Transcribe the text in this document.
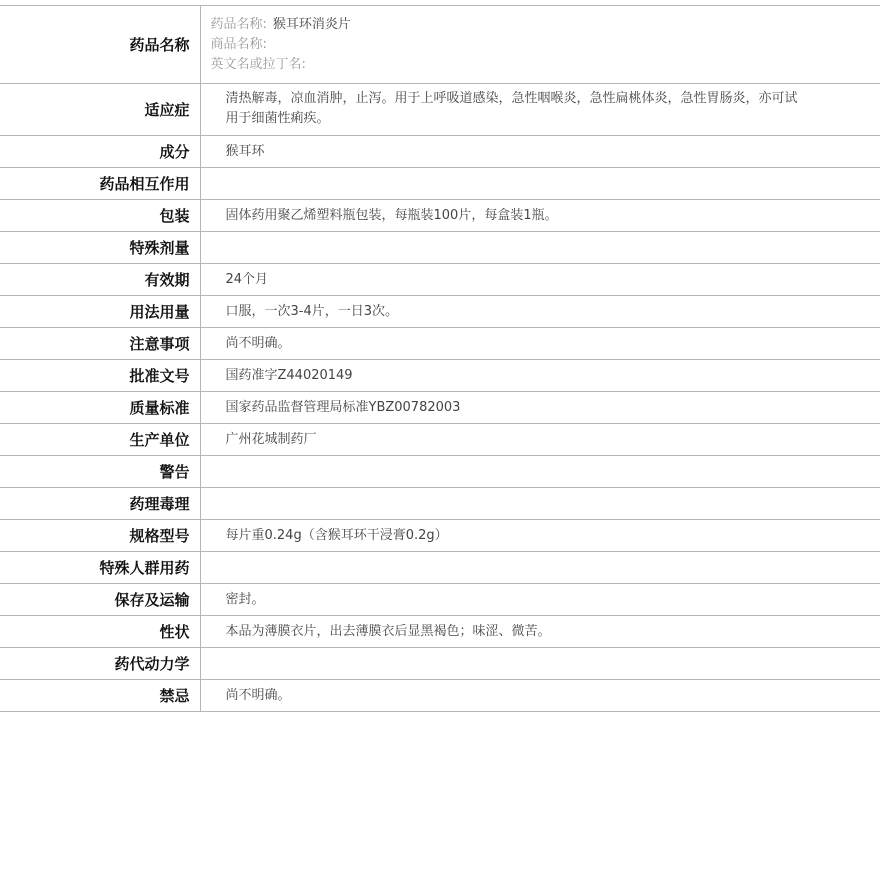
药品名称	药品名称: 猴耳环消炎片
商品名称:
英文名或拉丁名:

适应症	清热解毒，凉血消肿，止泻。用于上呼吸道感染，急性咽喉炎，急性扁桃体炎，急性胃肠炎，亦可试用于细菌性痢疾。
成分	猴耳环
药品相互作用	
包装	固体药用聚乙烯塑料瓶包装，每瓶装100片，每盒装1瓶。
特殊剂量	
有效期	24个月
用法用量	口服，一次3-4片，一日3次。
注意事项	尚不明确。
批准文号	国药准字Z44020149
质量标准	国家药品监督管理局标准YBZ00782003
生产单位	广州花城制药厂
警告	
药理毒理	
规格型号	每片重0.24g（含猴耳环干浸膏0.2g）
特殊人群用药	
保存及运输	密封。
性状	本品为薄膜衣片，出去薄膜衣后显黑褐色；味涩、微苦。
药代动力学	
禁忌	尚不明确。
